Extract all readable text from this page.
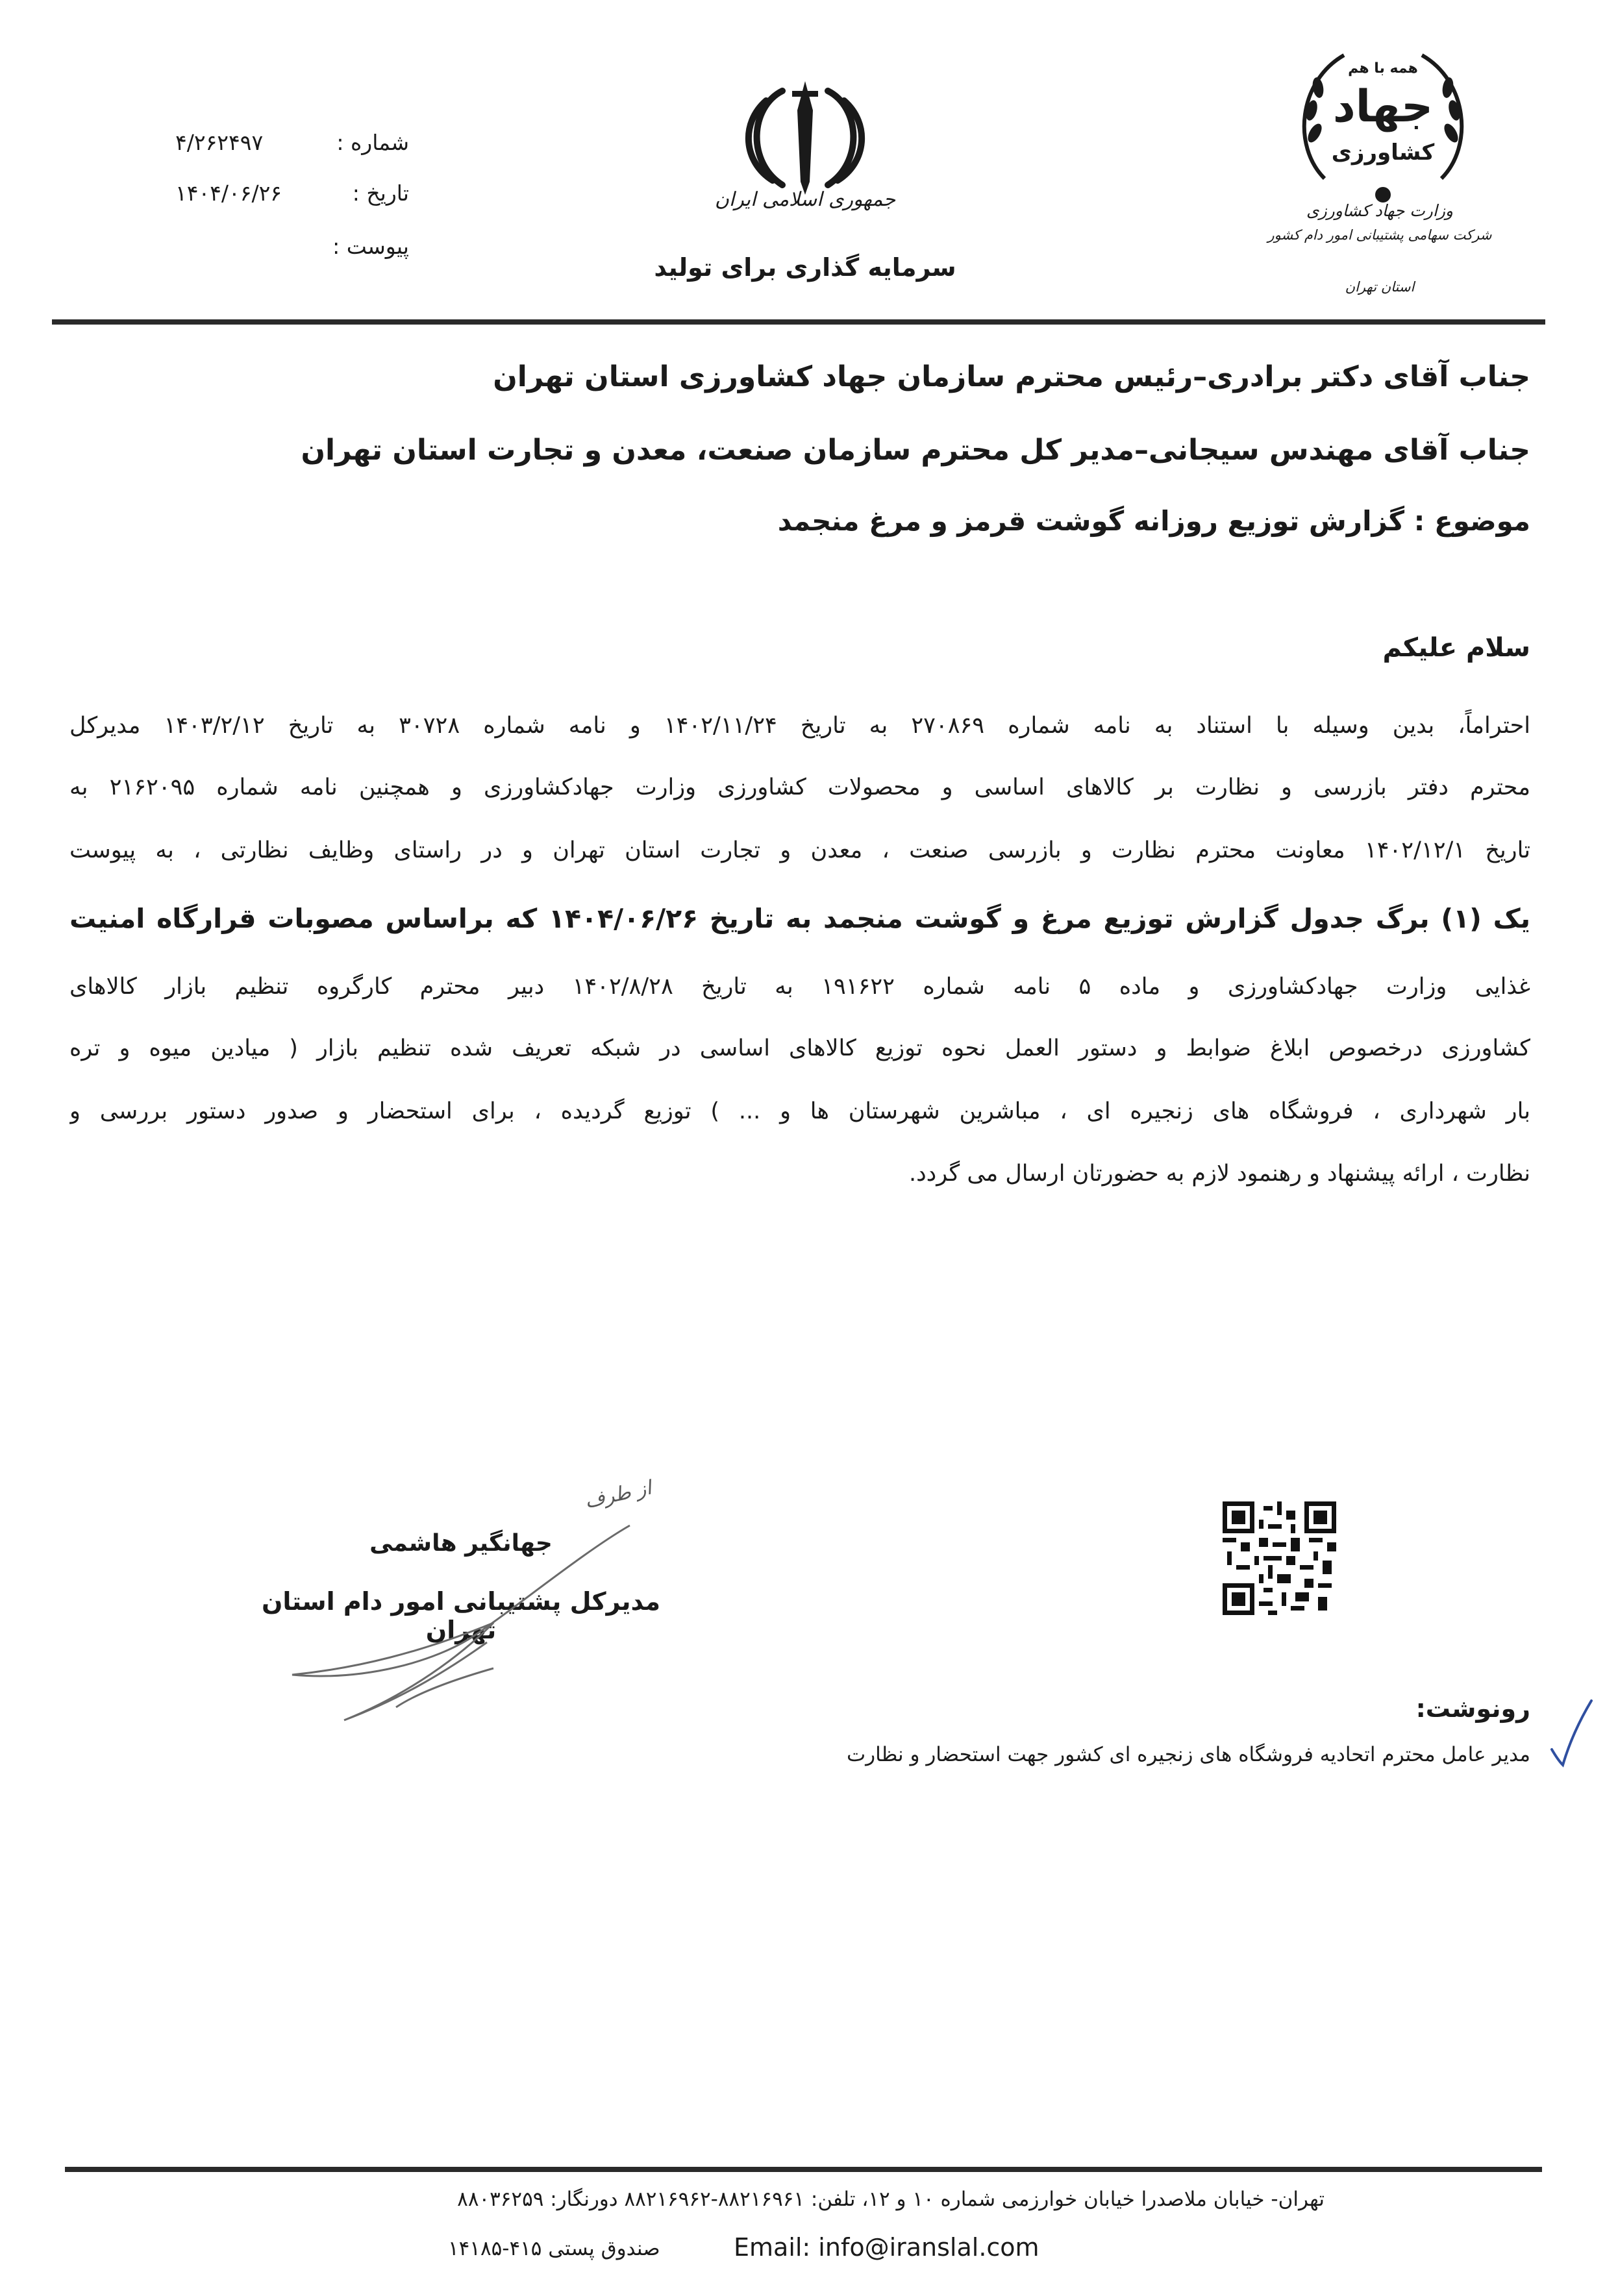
شماره :
۴/۲۶۲۴۹۷
تاریخ :
۱۴۰۴/۰۶/۲۶
پیوست :
جمهوری اسلامی ایران
سرمایه گذاری برای تولید
همه با هم
جهاد
کشاورزی
وزارت جهاد کشاورزی
شرکت سهامی پشتیبانی امور دام کشور
استان تهران
جناب آقای دکتر برادری–رئیس محترم سازمان جهاد کشاورزی استان تهران
جناب آقای مهندس سیجانی–مدیر کل محترم سازمان صنعت، معدن و تجارت استان تهران
موضوع : گزارش توزیع روزانه گوشت قرمز و مرغ منجمد
سلام علیکم
احتراماً، بدین وسیله با استناد به نامه شماره ۲۷۰۸۶۹ به تاریخ ۱۴۰۲/۱۱/۲۴ و نامه شماره ۳۰۷۲۸ به تاریخ ۱۴۰۳/۲/۱۲ مدیرکل
محترم دفتر بازرسی و نظارت بر کالاهای اساسی و محصولات کشاورزی وزارت جهادکشاورزی و همچنین نامه شماره ۲۱۶۲۰۹۵ به
تاریخ ۱۴۰۲/۱۲/۱ معاونت محترم نظارت و بازرسی صنعت ، معدن و تجارت استان تهران و در راستای وظایف نظارتی ، به پیوست
یک (۱) برگ جدول گزارش توزیع مرغ و گوشت منجمد به تاریخ ۱۴۰۴/۰۶/۲۶ که براساس مصوبات قرارگاه امنیت
غذایی وزارت جهادکشاورزی و ماده ۵ نامه شماره ۱۹۱۶۲۲ به تاریخ ۱۴۰۲/۸/۲۸ دبیر محترم کارگروه تنظیم بازار کالاهای
کشاورزی درخصوص ابلاغ ضوابط و دستور العمل نحوه توزیع کالاهای اساسی در شبکه تعریف شده تنظیم بازار ( میادین میوه و تره
بار شهرداری ، فروشگاه های زنجیره ای ، مباشرین شهرستان ها و ... ) توزیع گردیده ، برای استحضار و صدور دستور بررسی و
نظارت ، ارائه پیشنهاد و رهنمود لازم به حضورتان ارسال می گردد.
از طرف
جهانگیر هاشمی
مدیرکل پشتیبانی امور دام استان تهران
رونوشت:
مدیر عامل محترم اتحادیه فروشگاه های زنجیره ای کشور جهت استحضار و نظارت
تهران- خیابان ملاصدرا خیابان خوارزمی شماره ۱۰ و ۱۲، تلفن: ۸۸۲۱۶۹۶۱-۸۸۲۱۶۹۶۲ دورنگار: ۸۸۰۳۶۲۵۹
Email: info@iranslal.com
صندوق پستی ۴۱۵-۱۴۱۸۵
